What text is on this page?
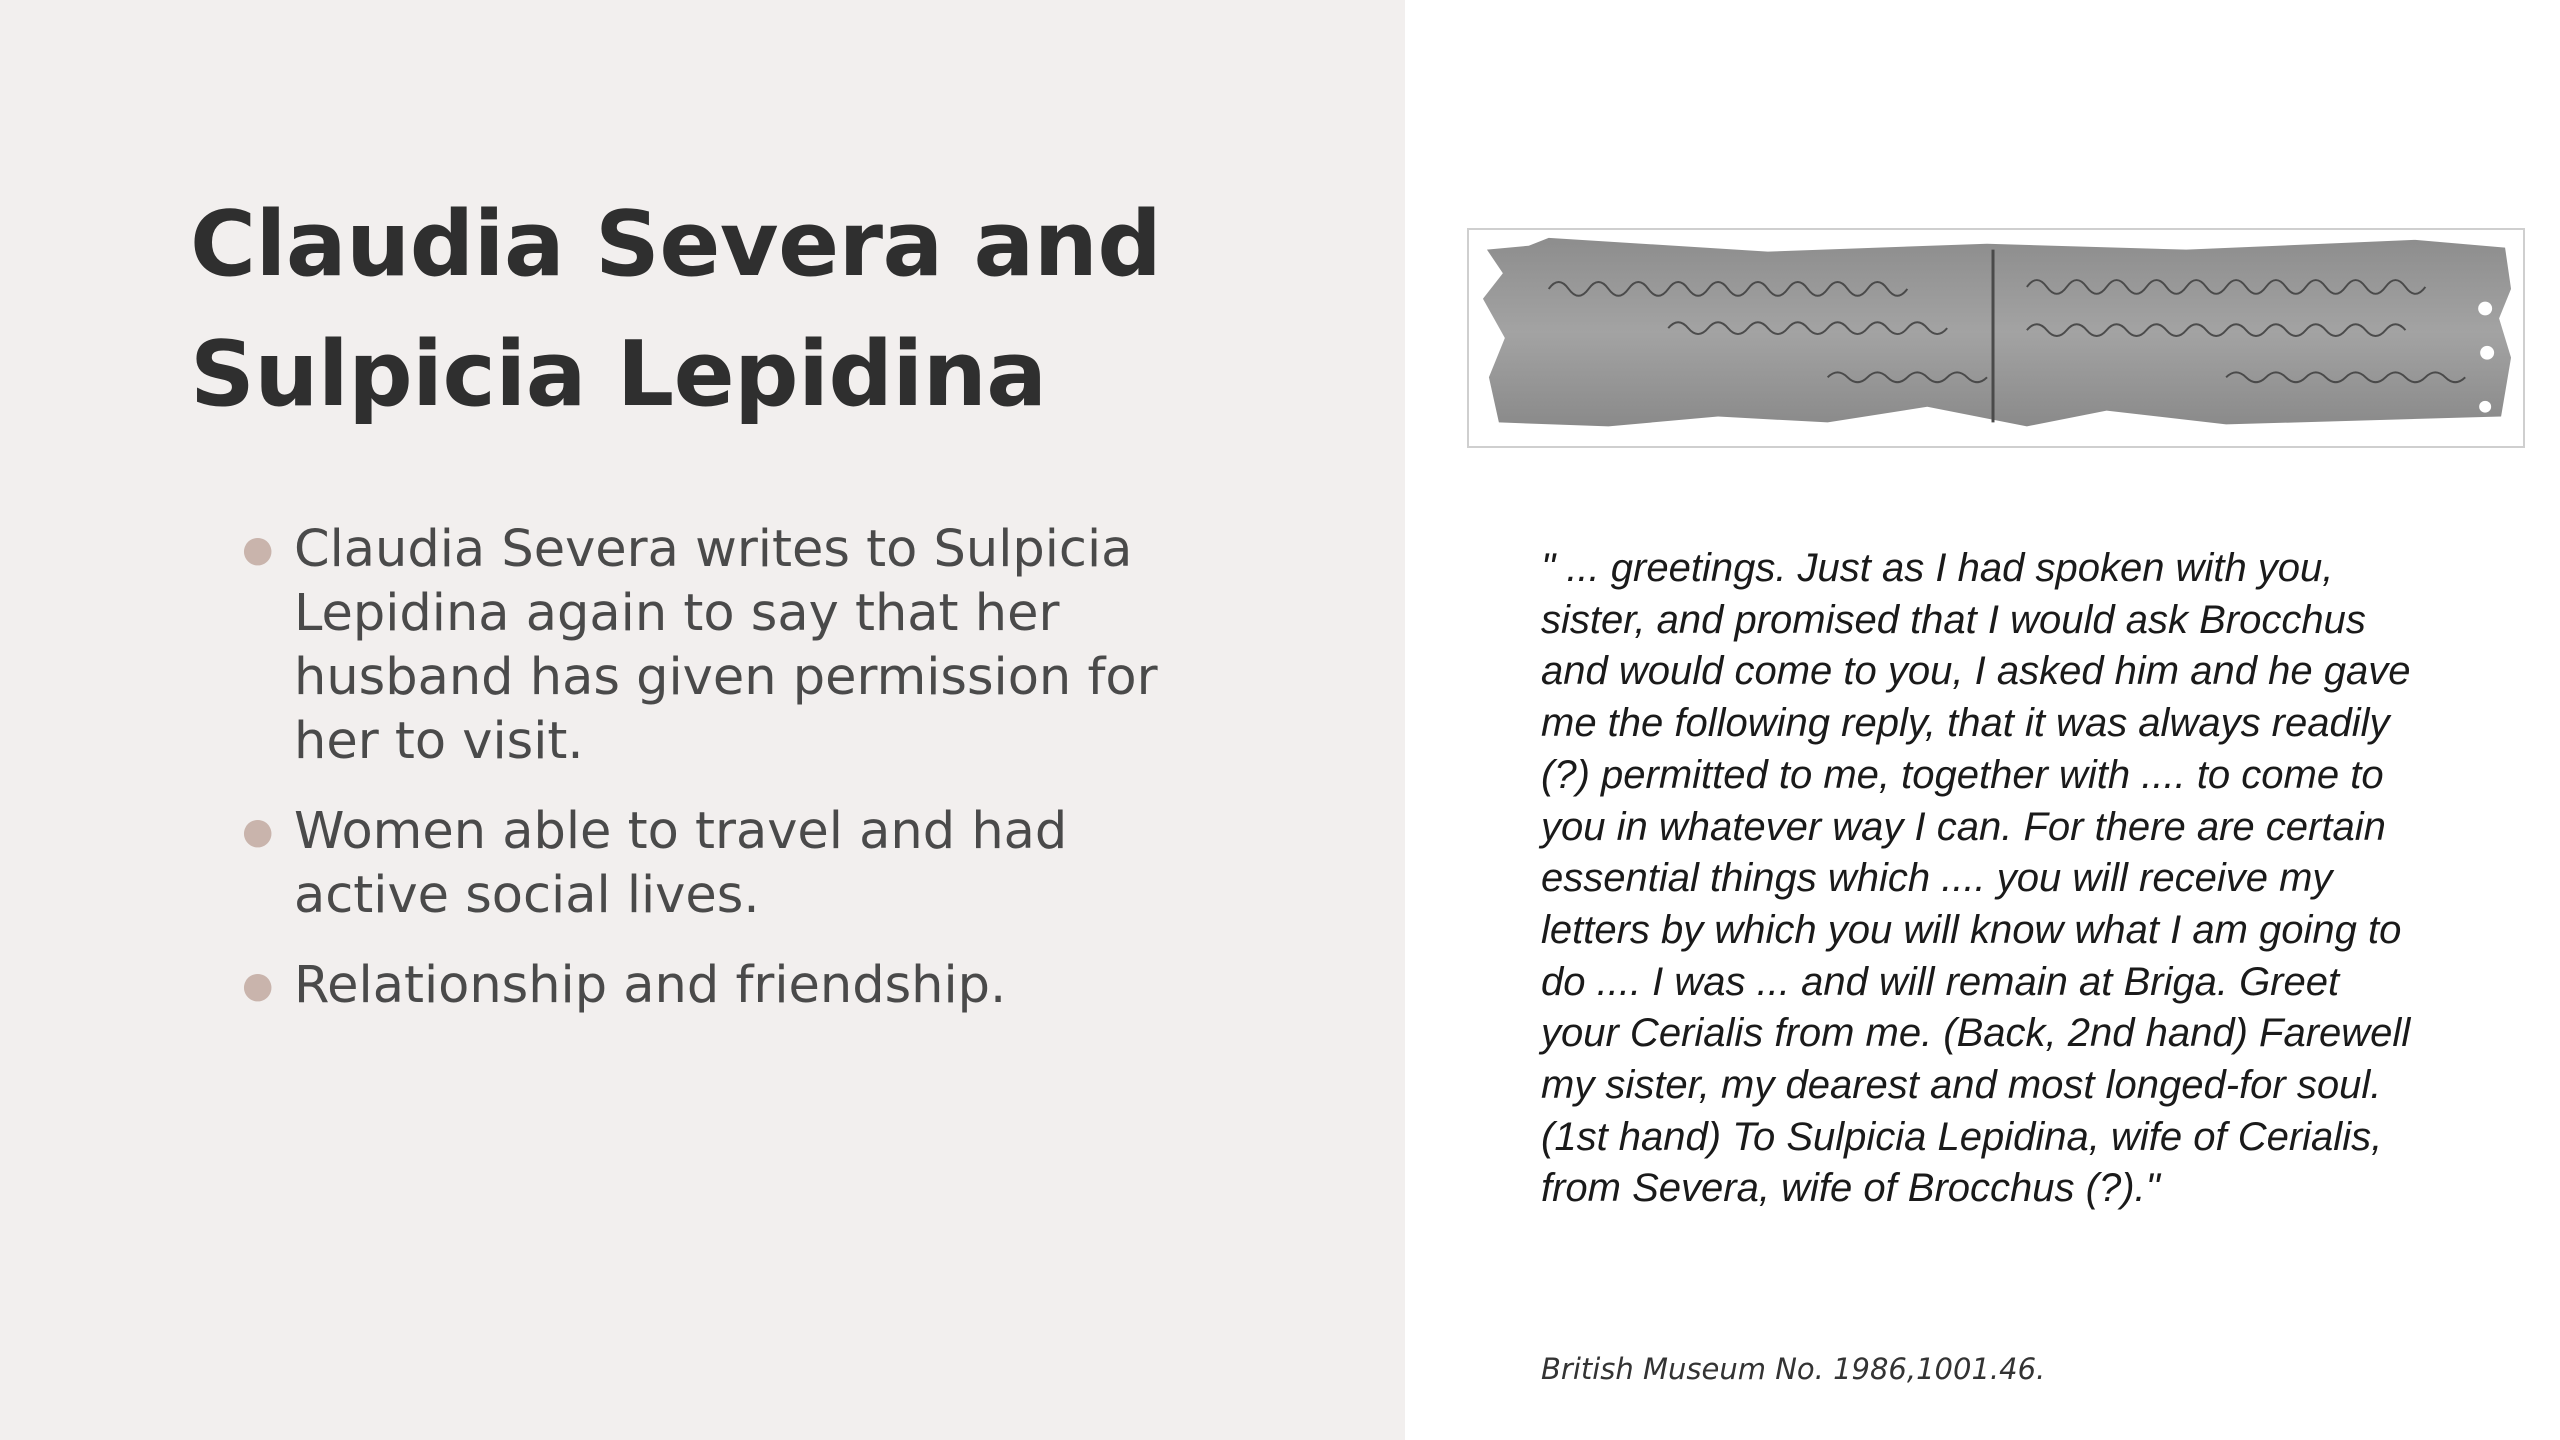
Claudia Severa and
Sulpicia Lepidina
● Claudia Severa writes to Sulpicia
Lepidina again to say that her
husband has given permission for
her to visit.
● Women able to travel and had
active social lives.
● Relationship and friendship.
" ... greetings. Just as I had spoken with you,
sister, and promised that I would ask Brocchus
and would come to you, I asked him and he gave
me the following reply, that it was always readily
(?) permitted to me, together with .... to come to
you in whatever way I can. For there are certain
essential things which .... you will receive my
letters by which you will know what I am going to
do .... I was ... and will remain at Briga. Greet
your Cerialis from me. (Back, 2nd hand) Farewell
my sister, my dearest and most longed-for soul.
(1st hand) To Sulpicia Lepidina, wife of Cerialis,
from Severa, wife of Brocchus (?)."
British Museum No. 1986,1001.46.
